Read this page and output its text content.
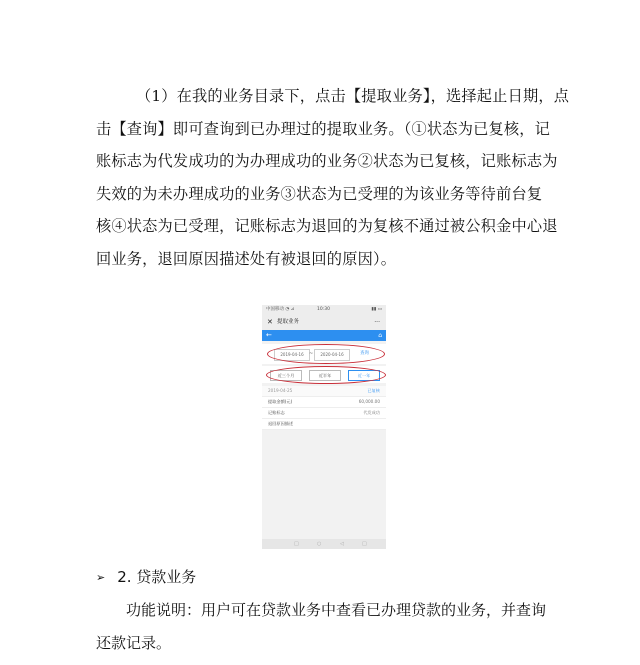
（1）在我的业务目录下，点击【提取业务】，选择起止日期，点
击【查询】即可查询到已办理过的提取业务。（①状态为已复核，记
账标志为代发成功的为办理成功的业务②状态为已复核，记账标志为
失效的为未办理成功的业务③状态为已受理的为该业务等待前台复
核④状态为已受理，记账标志为退回的为复核不通过被公积金中心退
回业务，退回原因描述处有被退回的原因）。
中国移动 ◔ ⊿	10:30	▮▮ ▭
✕ 提取业务	···
←	⌂
2019-04-16	~	2020-04-16	查询
近三个月	近半年	近一年
2019-04-25	已复核
提取金额(元)	60,000.00
记账标志	代发成功
退回原因描述
□	○	◁	□
➢ 2. 贷款业务
功能说明：用户可在贷款业务中查看已办理贷款的业务，并查询
还款记录。
